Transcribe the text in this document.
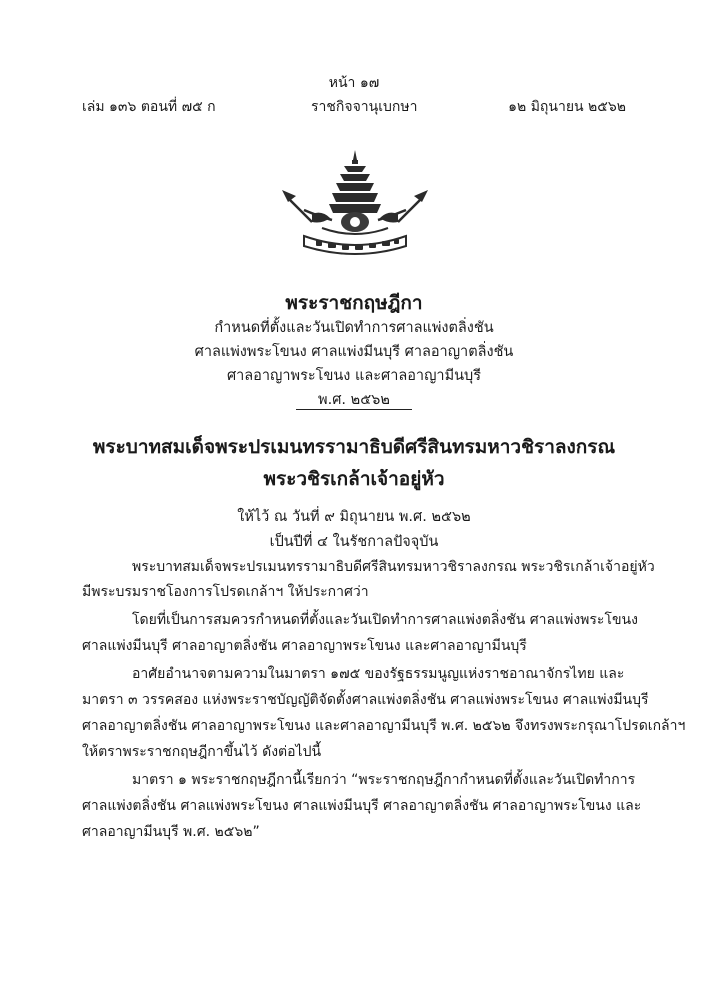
หน้า ๑๗
เล่ม ๑๓๖ ตอนที่ ๗๕ ก	ราชกิจจานุเบกษา	๑๒ มิถุนายน ๒๕๖๒
พระราชกฤษฎีกา
กำหนดที่ตั้งและวันเปิดทำการศาลแพ่งตลิ่งชัน
ศาลแพ่งพระโขนง ศาลแพ่งมีนบุรี ศาลอาญาตลิ่งชัน
ศาลอาญาพระโขนง และศาลอาญามีนบุรี
พ.ศ. ๒๕๖๒
พระบาทสมเด็จพระปรเมนทรรามาธิบดีศรีสินทรมหาวชิราลงกรณ
พระวชิรเกล้าเจ้าอยู่หัว
ให้ไว้ ณ วันที่ ๙ มิถุนายน พ.ศ. ๒๕๖๒
เป็นปีที่ ๔ ในรัชกาลปัจจุบัน
พระบาทสมเด็จพระปรเมนทรรามาธิบดีศรีสินทรมหาวชิราลงกรณ พระวชิรเกล้าเจ้าอยู่หัว
มีพระบรมราชโองการโปรดเกล้าฯ ให้ประกาศว่า
โดยที่เป็นการสมควรกำหนดที่ตั้งและวันเปิดทำการศาลแพ่งตลิ่งชัน ศาลแพ่งพระโขนง
ศาลแพ่งมีนบุรี ศาลอาญาตลิ่งชัน ศาลอาญาพระโขนง และศาลอาญามีนบุรี
อาศัยอำนาจตามความในมาตรา ๑๗๕ ของรัฐธรรมนูญแห่งราชอาณาจักรไทย และ
มาตรา ๓ วรรคสอง แห่งพระราชบัญญัติจัดตั้งศาลแพ่งตลิ่งชัน ศาลแพ่งพระโขนง ศาลแพ่งมีนบุรี
ศาลอาญาตลิ่งชัน ศาลอาญาพระโขนง และศาลอาญามีนบุรี พ.ศ. ๒๕๖๒ จึงทรงพระกรุณาโปรดเกล้าฯ
ให้ตราพระราชกฤษฎีกาขึ้นไว้ ดังต่อไปนี้
มาตรา ๑ พระราชกฤษฎีกานี้เรียกว่า “พระราชกฤษฎีกากำหนดที่ตั้งและวันเปิดทำการ
ศาลแพ่งตลิ่งชัน ศาลแพ่งพระโขนง ศาลแพ่งมีนบุรี ศาลอาญาตลิ่งชัน ศาลอาญาพระโขนง และ
ศาลอาญามีนบุรี พ.ศ. ๒๕๖๒”
